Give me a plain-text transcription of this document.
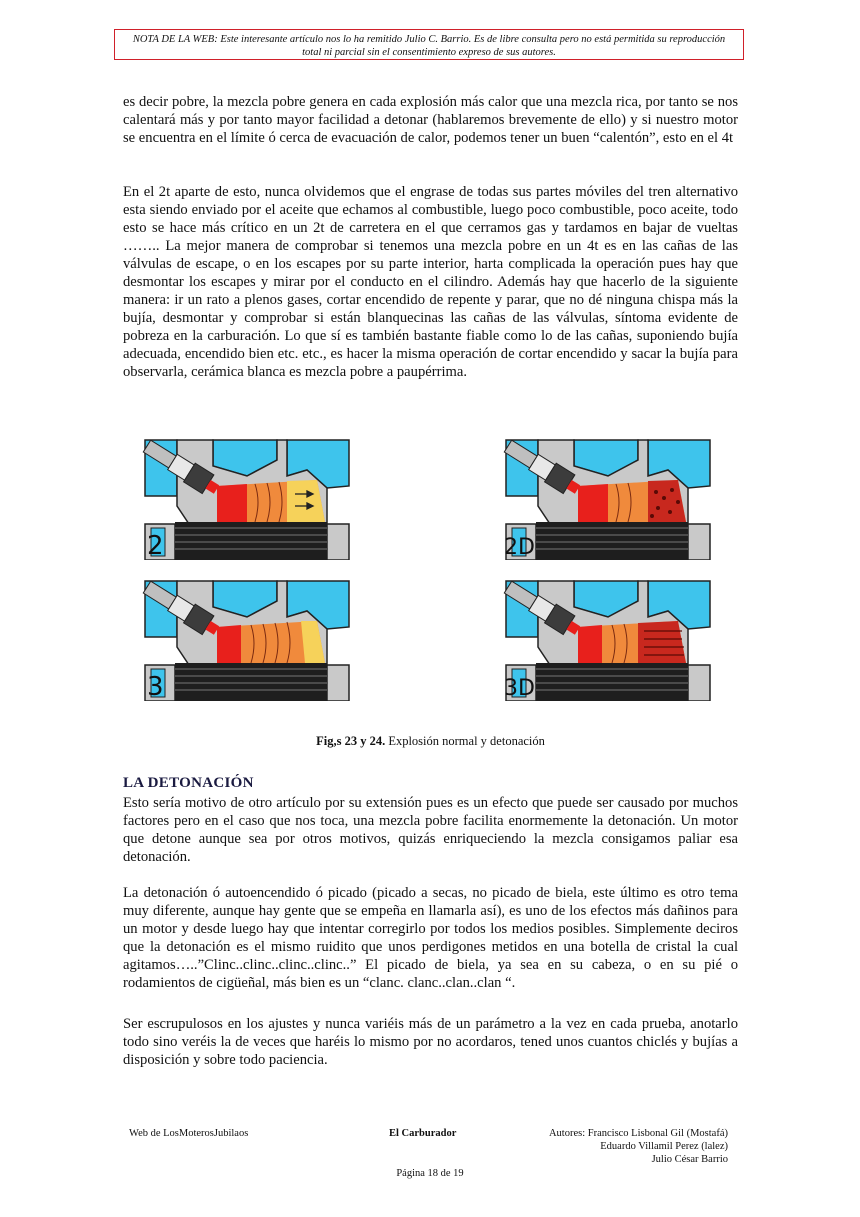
NOTA DE LA WEB: Este interesante artículo nos lo ha remitido Julio C. Barrio. Es de libre consulta pero no está permitida su reproducción total ni parcial sin el consentimiento expreso de sus autores.

es decir pobre, la mezcla pobre genera en cada explosión más calor que una mezcla rica, por tanto se nos calentará más y por tanto mayor facilidad a detonar (hablaremos brevemente de ello) y si nuestro motor se encuentra en el límite ó cerca de evacuación de calor, podemos tener un buen “calentón”, esto en el 4t

En el 2t aparte de esto, nunca olvidemos que el engrase de todas sus partes móviles del tren alternativo esta siendo enviado por el aceite que echamos al combustible, luego poco combustible, poco aceite, todo esto se hace más crítico en un 2t de carretera en el que cerramos gas y tardamos en bajar de vueltas …….. La mejor manera de comprobar si tenemos una mezcla pobre en un 4t es en las cañas de las válvulas de escape, o en los escapes por su parte interior, harta complicada la operación pues hay que desmontar los escapes y mirar por el conducto en el cilindro. Además hay que hacerlo de la siguiente manera: ir un rato a plenos gases, cortar encendido de repente y parar, que no dé ninguna chispa más la bujía, desmontar y comprobar si están blanquecinas las cañas de las válvulas, síntoma evidente de pobreza en la carburación. Lo que sí es también bastante fiable como lo de las cañas, suponiendo bujía adecuada, encendido bien etc. etc., es hacer la misma operación de cortar encendido y sacar la bujía para observarla, cerámica blanca es mezcla pobre a paupérrima.

2	2D
3	3D
Fig,s 23 y 24. Explosión normal y detonación
LA DETONACIÓN

Esto sería motivo de otro artículo por su extensión pues es un efecto que puede ser causado por muchos factores pero en el caso que nos toca, una mezcla pobre facilita enormemente la detonación. Un motor que detone aunque sea por otros motivos, quizás enriqueciendo la mezcla consigamos paliar esa detonación.

La detonación ó autoencendido ó picado (picado a secas, no picado de biela, este último es otro tema muy diferente, aunque hay gente que se empeña en llamarla así), es uno de los efectos más dañinos para un motor y desde luego hay que intentar corregirlo por todos los medios posibles. Simplemente deciros que la detonación es el mismo ruidito que unos perdigones metidos en una botella de cristal la cual agitamos…..”Clinc..clinc..clinc..clinc..” El picado de biela, ya sea en su cabeza, o en su pié o rodamientos de cigüeñal, más bien es un “clanc. clanc..clan..clan “.

Ser escrupulosos en los ajustes y nunca variéis más de un parámetro a la vez en cada prueba, anotarlo todo sino veréis la de veces que haréis lo mismo por no acordaros, tened unos cuantos chiclés y bujías a disposición y sobre todo paciencia.

Web de LosMoterosJubilaos	El Carburador	Autores: Francisco Lisbonal Gil (Mostafá)
Eduardo Villamil Perez (lalez)
Julio César Barrio
Página 18 de 19
